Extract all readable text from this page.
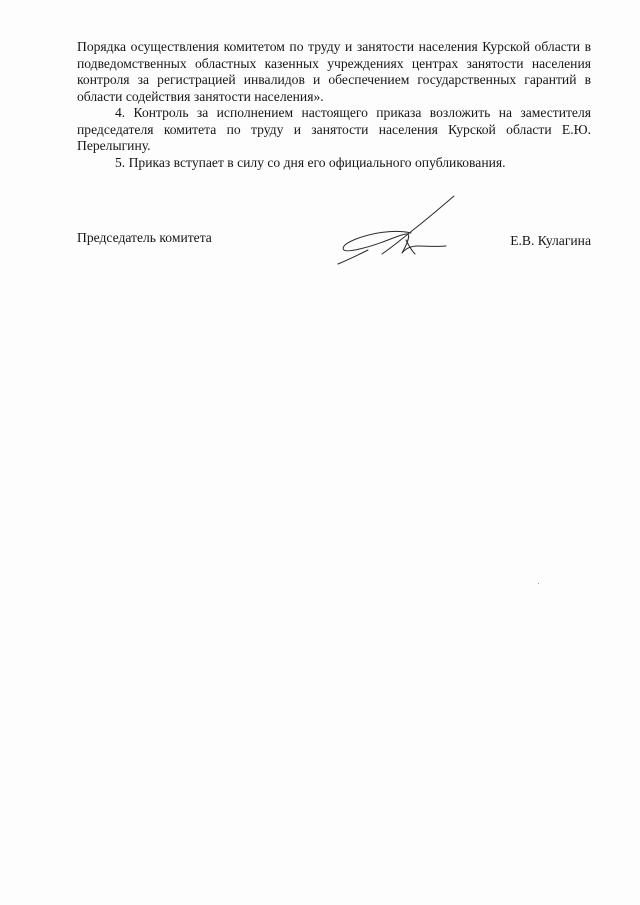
Порядка осуществления комитетом по труду и занятости населения Курской области в подведомственных областных казенных учреждениях центрах занятости населения контроля за регистрацией инвалидов и обеспечением государственных гарантий в области содействия занятости населения».

4. Контроль за исполнением настоящего приказа возложить на заместителя председателя комитета по труду и занятости населения Курской области Е.Ю. Перелыгину.

5. Приказ вступает в силу со дня его официального опубликования.

Председатель комитета	Е.В. Кулагина
